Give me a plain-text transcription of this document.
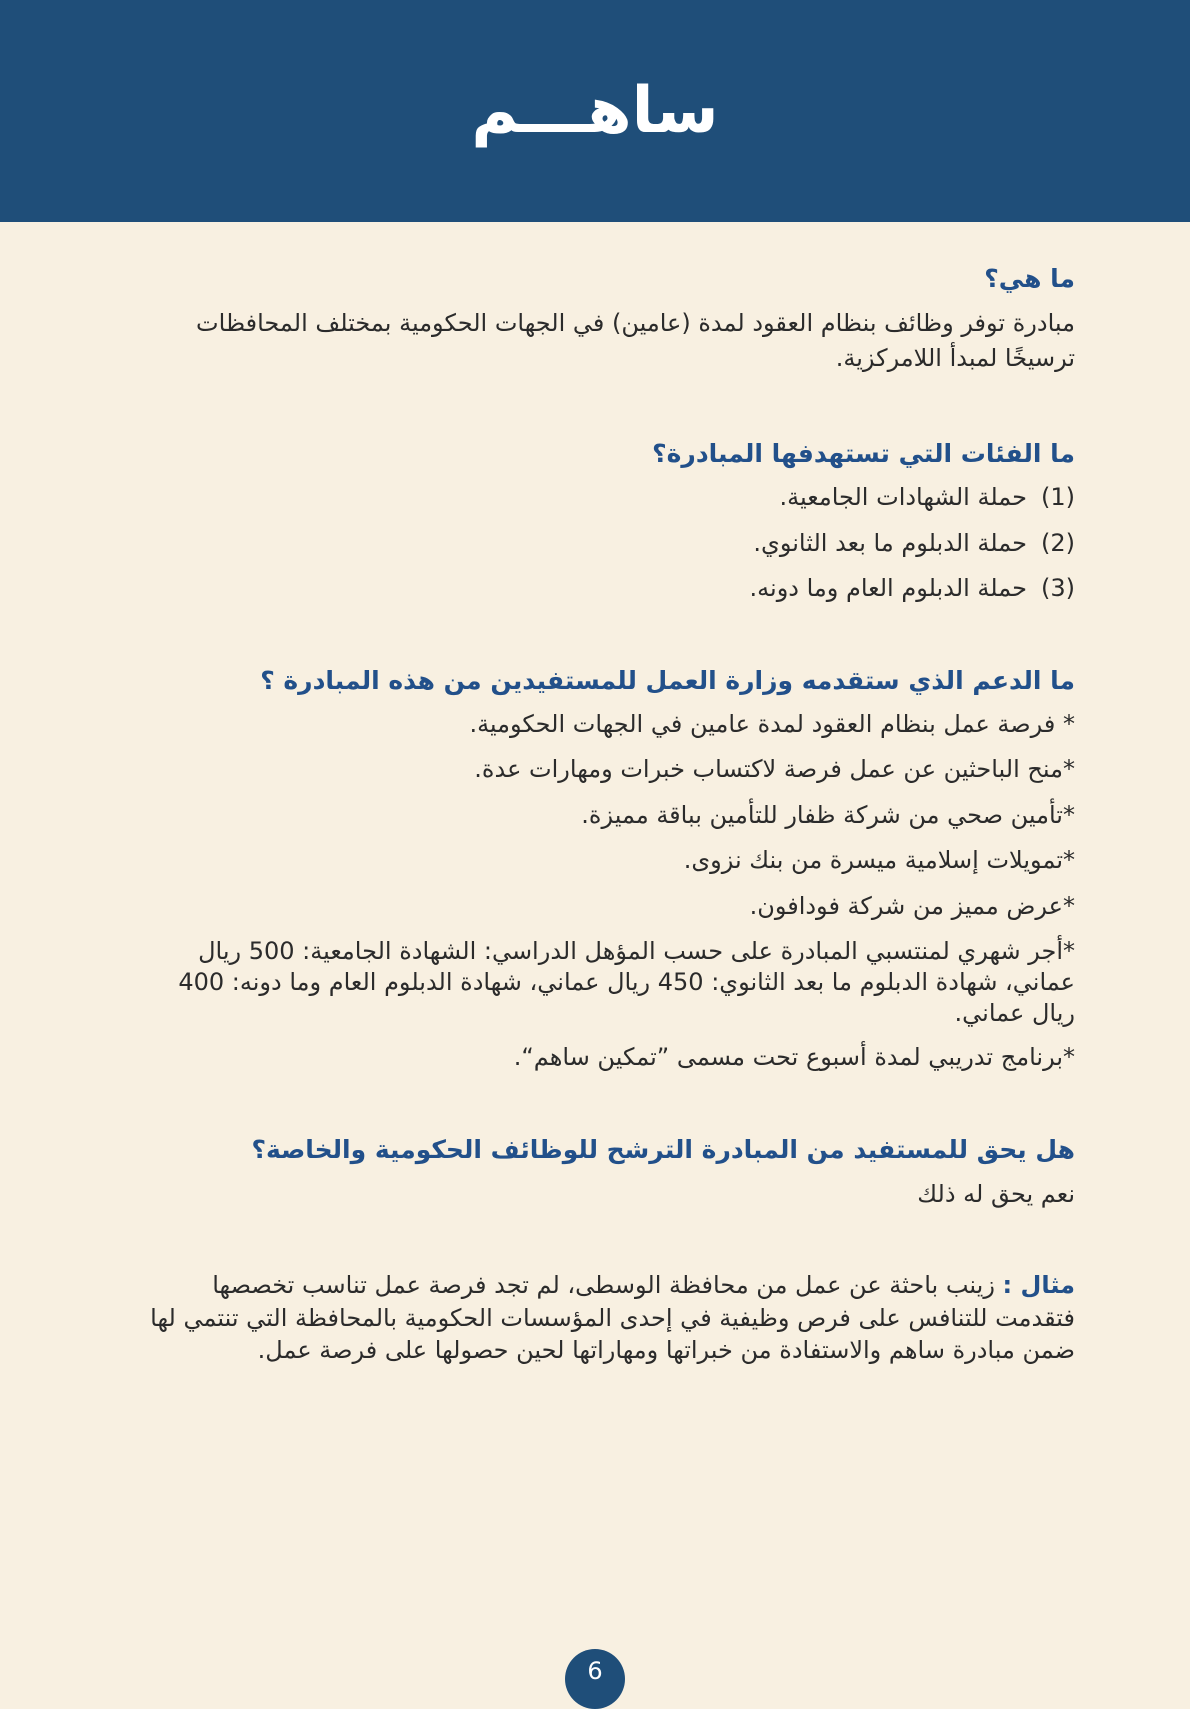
ساهـــم
ما هي؟

مبادرة توفر وظائف بنظام العقود لمدة (عامين) في الجهات الحكومية بمختلف المحافظات ترسيخًا لمبدأ اللامركزية.

ما الفئات التي تستهدفها المبادرة؟
(1)حملة الشهادات الجامعية.
(2)حملة الدبلوم ما بعد الثانوي.
(3)حملة الدبلوم العام وما دونه.
ما الدعم الذي ستقدمه وزارة العمل للمستفيدين من هذه المبادرة ؟
* فرصة عمل بنظام العقود لمدة عامين في الجهات الحكومية.
*منح الباحثين عن عمل فرصة لاكتساب خبرات ومهارات عدة.
*تأمين صحي من شركة ظفار للتأمين بباقة مميزة.
*تمويلات إسلامية ميسرة من بنك نزوى.
*عرض مميز من شركة فودافون.
*أجر شهري لمنتسبي المبادرة على حسب المؤهل الدراسي: الشهادة الجامعية: 500 ريال عماني، شهادة الدبلوم ما بعد الثانوي: 450 ريال عماني، شهادة الدبلوم العام وما دونه: 400 ريال عماني.
*برنامج تدريبي لمدة أسبوع تحت مسمى ”تمكين ساهم“.
هل يحق للمستفيد من المبادرة الترشح للوظائف الحكومية والخاصة؟

نعم يحق له ذلك

مثال : زينب باحثة عن عمل من محافظة الوسطى، لم تجد فرصة عمل تناسب تخصصها فتقدمت للتنافس على فرص وظيفية في إحدى المؤسسات الحكومية بالمحافظة التي تنتمي لها ضمن مبادرة ساهم والاستفادة من خبراتها ومهاراتها لحين حصولها على فرصة عمل.

6
